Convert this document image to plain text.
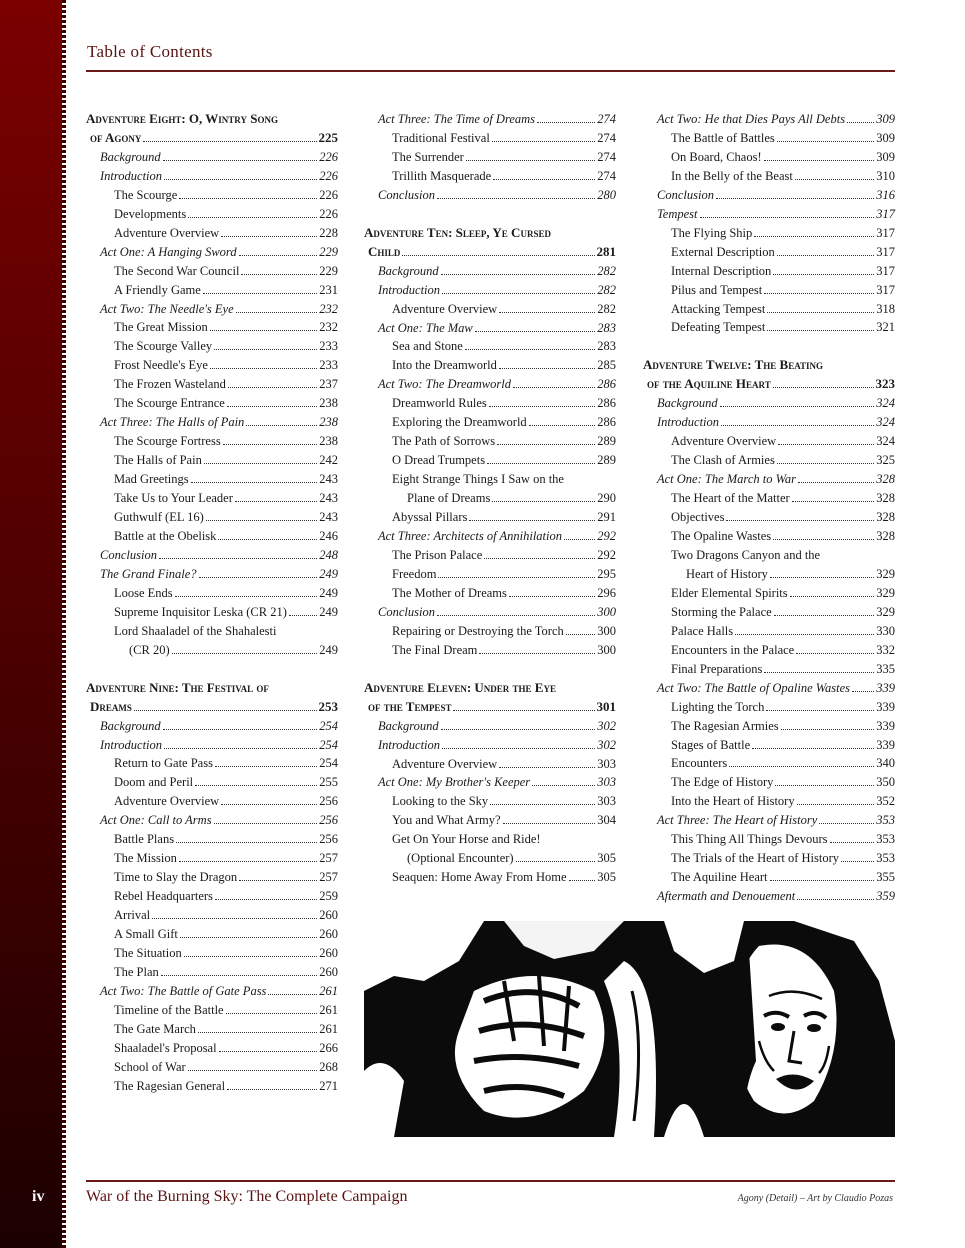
iv
Table of Contents
Adventure Eight: O, Wintry Song
of Agony	225
Background	226
Introduction	226
The Scourge	226
Developments	226
Adventure Overview	228
Act One: A Hanging Sword	229
The Second War Council	229
A Friendly Game	231
Act Two: The Needle's Eye	232
The Great Mission	232
The Scourge Valley	233
Frost Needle's Eye	233
The Frozen Wasteland	237
The Scourge Entrance	238
Act Three: The Halls of Pain	238
The Scourge Fortress	238
The Halls of Pain	242
Mad Greetings	243
Take Us to Your Leader	243
Guthwulf (EL 16)	243
Battle at the Obelisk	246
Conclusion	248
The Grand Finale?	249
Loose Ends	249
Supreme Inquisitor Leska (CR 21)	249
Lord Shaaladel of the Shahalesti
(CR 20)	249
Adventure Nine: The Festival of
Dreams	253
Background	254
Introduction	254
Return to Gate Pass	254
Doom and Peril	255
Adventure Overview	256
Act One: Call to Arms	256
Battle Plans	256
The Mission	257
Time to Slay the Dragon	257
Rebel Headquarters	259
Arrival	260
A Small Gift	260
The Situation	260
The Plan	260
Act Two: The Battle of Gate Pass	261
Timeline of the Battle	261
The Gate March	261
Shaaladel's Proposal	266
School of War	268
The Ragesian General	271
Act Three: The Time of Dreams	274
Traditional Festival	274
The Surrender	274
Trillith Masquerade	274
Conclusion	280
Adventure Ten: Sleep, Ye Cursed
Child	281
Background	282
Introduction	282
Adventure Overview	282
Act One: The Maw	283
Sea and Stone	283
Into the Dreamworld	285
Act Two: The Dreamworld	286
Dreamworld Rules	286
Exploring the Dreamworld	286
The Path of Sorrows	289
O Dread Trumpets	289
Eight Strange Things I Saw on the
Plane of Dreams	290
Abyssal Pillars	291
Act Three: Architects of Annihilation	292
The Prison Palace	292
Freedom	295
The Mother of Dreams	296
Conclusion	300
Repairing or Destroying the Torch	300
The Final Dream	300
Adventure Eleven: Under the Eye
of the Tempest	301
Background	302
Introduction	302
Adventure Overview	303
Act One: My Brother's Keeper	303
Looking to the Sky	303
You and What Army?	304
Get On Your Horse and Ride!
(Optional Encounter)	305
Seaquen: Home Away From Home 305
Act Two: He that Dies Pays All Debts 309
The Battle of Battles	309
On Board, Chaos!	309
In the Belly of the Beast	310
Conclusion	316
Tempest	317
The Flying Ship	317
External Description	317
Internal Description	317
Pilus and Tempest	317
Attacking Tempest	318
Defeating Tempest	321
Adventure Twelve: The Beating
of the Aquiline Heart	323
Background	324
Introduction	324
Adventure Overview	324
The Clash of Armies	325
Act One: The March to War	328
The Heart of the Matter	328
Objectives	328
The Opaline Wastes	328
Two Dragons Canyon and the
Heart of History	329
Elder Elemental Spirits	329
Storming the Palace	329
Palace Halls	330
Encounters in the Palace	332
Final Preparations	335
Act Two: The Battle of Opaline Wastes 339
Lighting the Torch	339
The Ragesian Armies	339
Stages of Battle	339
Encounters	340
The Edge of History	350
Into the Heart of History	352
Act Three: The Heart of History	353
This Thing All Things Devours	353
The Trials of the Heart of History	353
The Aquiline Heart	355
Aftermath and Denouement	359
War of the Burning Sky: The Complete Campaign	Agony (Detail) – Art by Claudio Pozas
